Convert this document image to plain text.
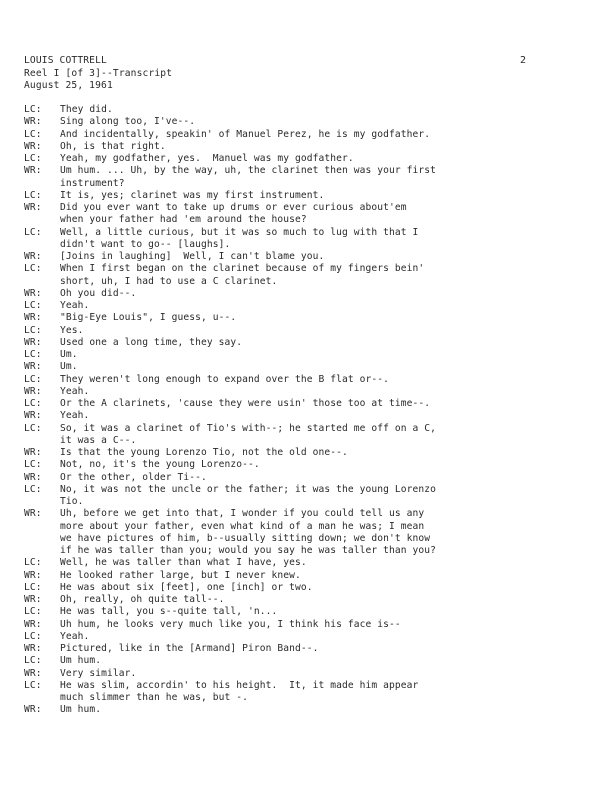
LOUIS COTTRELL
Reel I [of 3]--Transcript
August 25, 1961
2
LC:	They did.
WR:	Sing along too, I've--.
LC:	And incidentally, speakin' of Manuel Perez, he is my godfather.
WR:	Oh, is that right.
LC:	Yeah, my godfather, yes.  Manuel was my godfather.
WR:	Um hum. ... Uh, by the way, uh, the clarinet then was your first
instrument?
LC:	It is, yes; clarinet was my first instrument.
WR:	Did you ever want to take up drums or ever curious about'em
when your father had 'em around the house?
LC:	Well, a little curious, but it was so much to lug with that I
didn't want to go-- [laughs].
WR:	[Joins in laughing]  Well, I can't blame you.
LC:	When I first began on the clarinet because of my fingers bein'
short, uh, I had to use a C clarinet.
WR:	Oh you did--.
LC:	Yeah.
WR:	"Big-Eye Louis", I guess, u--.
LC:	Yes.
WR:	Used one a long time, they say.
LC:	Um.
WR:	Um.
LC:	They weren't long enough to expand over the B flat or--.
WR:	Yeah.
LC:	Or the A clarinets, 'cause they were usin' those too at time--.
WR:	Yeah.
LC:	So, it was a clarinet of Tio's with--; he started me off on a C,
it was a C--.
WR:	Is that the young Lorenzo Tio, not the old one--.
LC:	Not, no, it's the young Lorenzo--.
WR:	Or the other, older Ti--.
LC:	No, it was not the uncle or the father; it was the young Lorenzo
Tio.
WR:	Uh, before we get into that, I wonder if you could tell us any
more about your father, even what kind of a man he was; I mean
we have pictures of him, b--usually sitting down; we don't know
if he was taller than you; would you say he was taller than you?
LC:	Well, he was taller than what I have, yes.
WR:	He looked rather large, but I never knew.
LC:	He was about six [feet], one [inch] or two.
WR:	Oh, really, oh quite tall--.
LC:	He was tall, you s--quite tall, 'n...
WR:	Uh hum, he looks very much like you, I think his face is--
LC:	Yeah.
WR:	Pictured, like in the [Armand] Piron Band--.
LC:	Um hum.
WR:	Very similar.
LC:	He was slim, accordin' to his height.  It, it made him appear
much slimmer than he was, but -.
WR:	Um hum.
